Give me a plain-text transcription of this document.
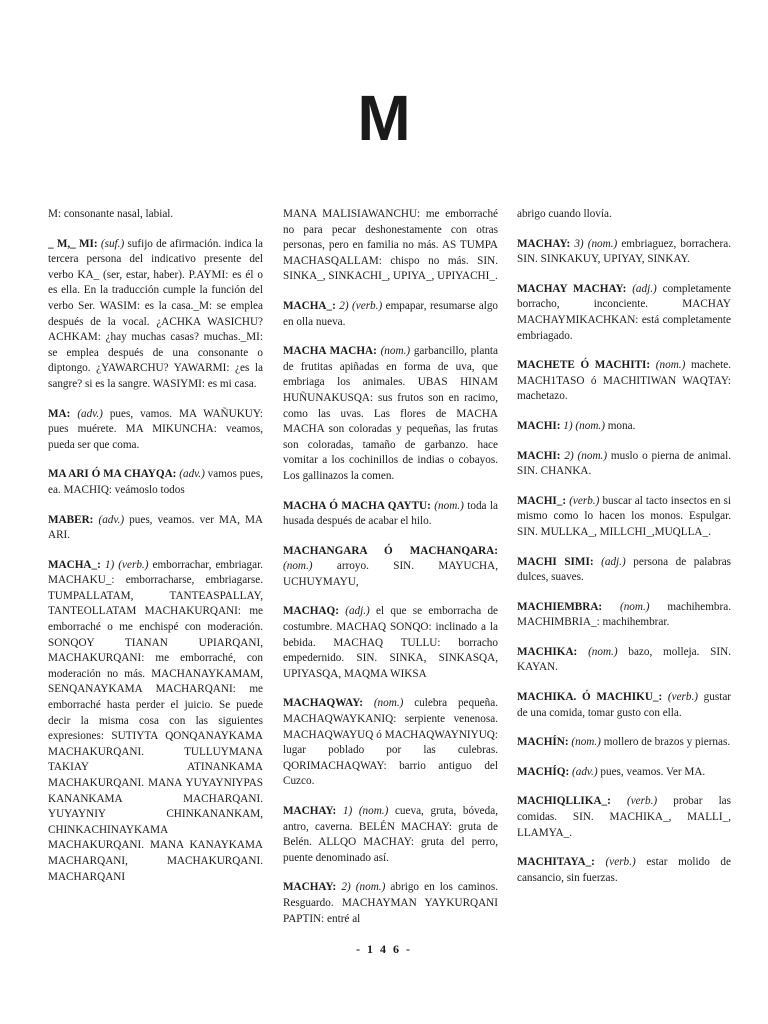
M

M: consonante nasal, labial.

_ M,_ MI: (suf.) sufijo de afirmación. indica la tercera persona del indicativo presente del verbo KA_ (ser, estar, haber). P.AYMI: es él o es ella. En la traducción cumple la función del verbo Ser. WASIM: es la casa._M: se emplea después de la vocal. ¿ACHKA WASICHU? ACHKAM: ¿hay muchas casas? muchas._MI: se emplea después de una consonante o diptongo. ¿YAWARCHU? YAWARMI: ¿es la sangre? si es la sangre. WASIYMI: es mi casa.

MA: (adv.) pues, vamos. MA WAÑUKUY: pues muérete. MA MIKUNCHA: veamos, pueda ser que coma.

MA ARI Ó MA CHAYQA: (adv.) vamos pues, ea. MACHIQ: veámoslo todos

MABER: (adv.) pues, veamos. ver MA, MA ARI.

MACHA_: 1) (verb.) emborrachar, embriagar. MACHAKU_: emborracharse, embriagarse. TUMPALLATAM, TANTEASPALLAY, TANTEOLLATAM MACHAKURQANI: me emborraché o me enchispé con moderación. SONQOY TIANAN UPIARQANI, MACHAKURQANI: me emborraché, con moderación no más. MACHANAYKAMAM, SENQANAYKAMA MACHARQANI: me emborraché hasta perder el juicio. Se puede decir la misma cosa con las siguientes expresiones: SUTIYTA QONQANAYKAMA MACHAKURQANI. TULLUYMANA TAKIAY ATINANKAMA MACHAKURQANI. MANA YUYAYNIYPAS KANANKAMA MACHARQANI. YUYAYNIY CHINKANANKAM, CHINKACHINAYKAMA MACHAKURQANI. MANA KANAYKAMA MACHARQANI, MACHAKURQANI. MACHARQANI

MANA MALISIAWANCHU: me emborraché no para pecar deshonestamente con otras personas, pero en familia no más. AS TUMPA MACHASQALLAM: chispo no más. SIN. SINKA_, SINKACHI_, UPIYA_, UPIYACHI_.

MACHA_: 2) (verb.) empapar, resumarse algo en olla nueva.

MACHA MACHA: (nom.) garbancillo, planta de frutitas apiñadas en forma de uva, que embriaga los animales. UBAS HINAM HUÑUNAKUSQA: sus frutos son en racimo, como las uvas. Las flores de MACHA MACHA son coloradas y pequeñas, las frutas son coloradas, tamaño de garbanzo. hace vomitar a los cochinillos de indias o cobayos. Los gallinazos la comen.

MACHA Ó MACHA QAYTU: (nom.) toda la husada después de acabar el hilo.

MACHANGARA Ó MACHANQARA: (nom.) arroyo. SIN. MAYUCHA, UCHUYMAYU,

MACHAQ: (adj.) el que se emborracha de costumbre. MACHAQ SONQO: inclinado a la bebida. MACHAQ TULLU: borracho empedernido. SIN. SINKA, SINKASQA, UPIYASQA, MAQMA WIKSA

MACHAQWAY: (nom.) culebra pequeña. MACHAQWAYKANIQ: serpiente venenosa. MACHAQWAYUQ ó MACHAQWAYNIYUQ: lugar poblado por las culebras. QORIMACHAQWAY: barrio antiguo del Cuzco.

MACHAY: 1) (nom.) cueva, gruta, bóveda, antro, caverna. BELÉN MACHAY: gruta de Belén. ALLQO MACHAY: gruta del perro, puente denominado así.

MACHAY: 2) (nom.) abrigo en los caminos. Resguardo. MACHAYMAN YAYKURQANI PAPTIN: entré al

abrigo cuando llovía.

MACHAY: 3) (nom.) embriaguez, borrachera. SIN. SINKAKUY, UPIYAY, SINKAY.

MACHAY MACHAY: (adj.) completamente borracho, inconciente. MACHAY MACHAYMIKACHKAN: está completamente embriagado.

MACHETE Ó MACHITI: (nom.) machete. MACH1TASO ó MACHITIWAN WAQTAY: machetazo.

MACHI: 1) (nom.) mona.

MACHI: 2) (nom.) muslo o pierna de animal. SIN. CHANKA.

MACHI_: (verb.) buscar al tacto insectos en si mismo como lo hacen los monos. Espulgar. SIN. MULLKA_, MILLCHI_,MUQLLA_.

MACHI SIMI: (adj.) persona de palabras dulces, suaves.

MACHIEMBRA: (nom.) machihembra. MACHIMBRIA_: machihembrar.

MACHIKA: (nom.) bazo, molleja. SIN. KAYAN.

MACHIKA. Ó MACHIKU_: (verb.) gustar de una comida, tomar gusto con ella.

MACHÍN: (nom.) mollero de brazos y piernas.

MACHÍQ: (adv.) pues, veamos. Ver MA.

MACHIQLLIKA_: (verb.) probar las comidas. SIN. MACHIKA_, MALLI_, LLAMYA_.

MACHITAYA_: (verb.) estar molido de cansancio, sin fuerzas.

- 1 4 6 -
